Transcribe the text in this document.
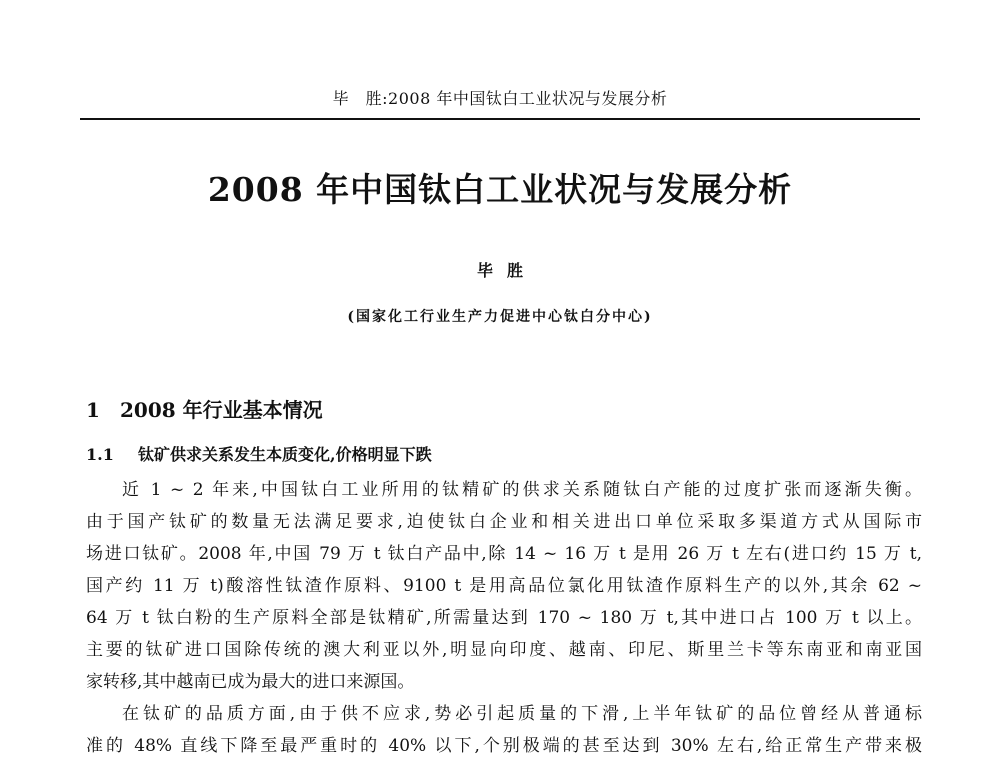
毕　胜:2008 年中国钛白工业状况与发展分析
2008 年中国钛白工业状况与发展分析
毕胜
(国家化工行业生产力促进中心钛白分中心)
1 2008 年行业基本情况
1.1 钛矿供求关系发生本质变化,价格明显下跌
近 1 ~ 2 年来,中国钛白工业所用的钛精矿的供求关系随钛白产能的过度扩张而逐渐失衡。
由于国产钛矿的数量无法满足要求,迫使钛白企业和相关进出口单位采取多渠道方式从国际市
场进口钛矿。2008 年,中国 79 万 t 钛白产品中,除 14 ~ 16 万 t 是用 26 万 t 左右(进口约 15 万 t,
国产约 11 万 t)酸溶性钛渣作原料、9100 t 是用高品位氯化用钛渣作原料生产的以外,其余 62 ~
64 万 t 钛白粉的生产原料全部是钛精矿,所需量达到 170 ~ 180 万 t,其中进口占 100 万 t 以上。
主要的钛矿进口国除传统的澳大利亚以外,明显向印度、越南、印尼、斯里兰卡等东南亚和南亚国
家转移,其中越南已成为最大的进口来源国。
在钛矿的品质方面,由于供不应求,势必引起质量的下滑,上半年钛矿的品位曾经从普通标
准的 48% 直线下降至最严重时的 40% 以下,个别极端的甚至达到 30% 左右,给正常生产带来极
